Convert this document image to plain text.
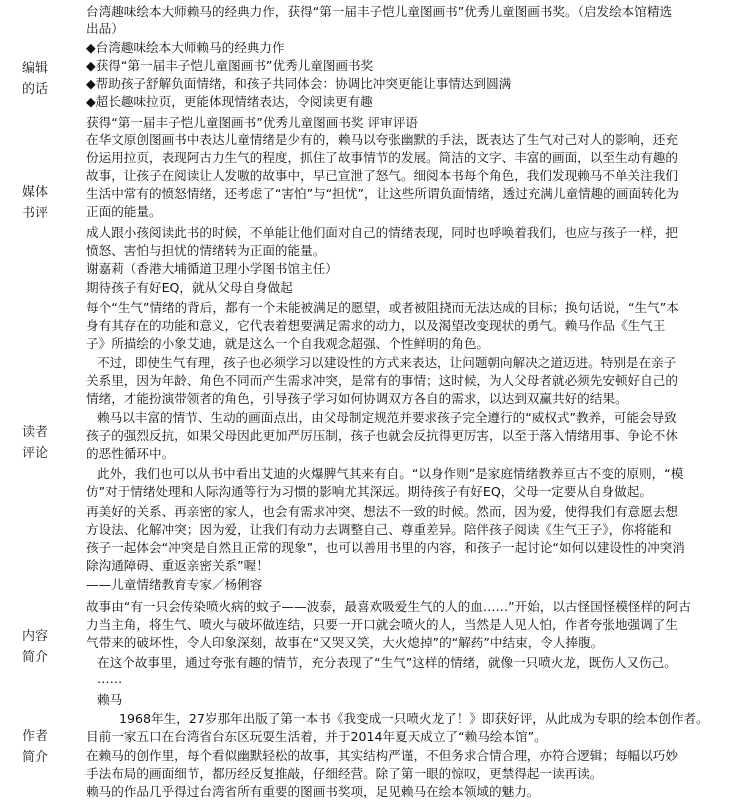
编辑
的话
媒体
书评
读者
评论
内容
简介
作者
简介
台湾趣味绘本大师赖马的经典力作，获得“第一届丰子恺儿童图画书”优秀儿童图画书奖。（启发绘本馆精选
出品）
◆台湾趣味绘本大师赖马的经典力作
◆获得“第一届丰子恺儿童图画书”优秀儿童图画书奖
◆帮助孩子舒解负面情绪，和孩子共同体会：协调比冲突更能让事情达到圆满
◆超长趣味拉页，更能体现情绪表达，令阅读更有趣
获得“第一届丰子恺儿童图画书”优秀儿童图画书奖 评审评语
在华文原创图画书中表达儿童情绪是少有的，赖马以夸张幽默的手法，既表达了生气对己对人的影响，还充
份运用拉页，表现阿古力生气的程度，抓住了故事情节的发展。简洁的文字、丰富的画面，以至生动有趣的
故事，让孩子在阅读让人发嗷的故事中，早已宣泄了怒气。细阅本书每个角色，我们发现赖马不单关注我们
生活中常有的愤怒情绪，还考虑了“害怕”与“担忧”，让这些所谓负面情绪，透过充满儿童情趣的画面转化为
正面的能量。
成人跟小孩阅读此书的时候，不单能让他们面对自己的情绪表现，同时也呼唤着我们，也应与孩子一样，把
愤怒、害怕与担忧的情绪转为正面的能量。
谢嘉莉（香港大埔循道卫理小学图书馆主任）
期待孩子有好EQ，就从父母自身做起
每个“生气”情绪的背后，都有一个未能被满足的愿望，或者被阻挠而无法达成的目标；换句话说，“生气”本
身有其存在的功能和意义，它代表着想要满足需求的动力，以及渴望改变现状的勇气。赖马作品《生气王
子》所描绘的小象艾迪，就是这么一个自我观念超强、个性鲜明的角色。
不过，即使生气有理，孩子也必须学习以建设性的方式来表达，让问题朝向解决之道迈进。特别是在亲子
关系里，因为年龄、角色不同而产生需求冲突，是常有的事情；这时候，为人父母者就必须先安顿好自己的
情绪，才能扮演带领者的角色，引导孩子学习如何协调双方各自的需求，以达到双赢共好的结果。
赖马以丰富的情节、生动的画面点出，由父母制定规范并要求孩子完全遵行的“威权式”教养，可能会导致
孩子的强烈反抗，如果父母因此更加严厉压制，孩子也就会反抗得更厉害，以至于落入情绪用事、争论不休
的恶性循环中。
此外，我们也可以从书中看出艾迪的火爆脾气其来有自。“以身作则”是家庭情绪教养亘古不变的原则，“模
仿”对于情绪处理和人际沟通等行为习惯的影响尤其深远。期待孩子有好EQ，父母一定要从自身做起。
再美好的关系、再亲密的家人，也会有需求冲突、想法不一致的时候。然而，因为爱，使得我们有意愿去想
方设法、化解冲突；因为爱，让我们有动力去调整自己、尊重差异。陪伴孩子阅读《生气王子》，你将能和
孩子一起体会“冲突是自然且正常的现象”，也可以善用书里的内容，和孩子一起讨论“如何以建设性的冲突消
除沟通障碍、重返亲密关系”喔！
——儿童情绪教育专家／杨俐容
故事由“有一只会传染喷火病的蚊子——波泰，最喜欢吸爱生气的人的血……”开始，以古怪国怪模怪样的阿古
力当主角，将生气、喷火与破坏做连结，只要一开口就会喷火的人，当然是人见人怕，作者夸张地强调了生
气带来的破坏性，令人印象深刻，故事在“又哭又笑，大火熄掉”的“解药”中结束，令人捧腹。
在这个故事里，通过夸张有趣的情节，充分表现了“生气”这样的情绪，就像一只喷火龙，既伤人又伤己。
……
赖马
1968年生，27岁那年出版了第一本书《我变成一只喷火龙了！》即获好评，从此成为专职的绘本创作者。
目前一家五口在台湾省台东区玩耍生活着，并于2014年夏天成立了“赖马绘本馆”。
在赖马的创作里，每个看似幽默轻松的故事，其实结构严谨，不但务求合情合理，亦符合逻辑；每幅以巧妙
手法布局的画面细节，都历经反复推敲，仔细经营。除了第一眼的惊叹，更禁得起一读再读。
赖马的作品几乎得过台湾省所有重要的图画书奖项，足见赖马在绘本领域的魅力。
